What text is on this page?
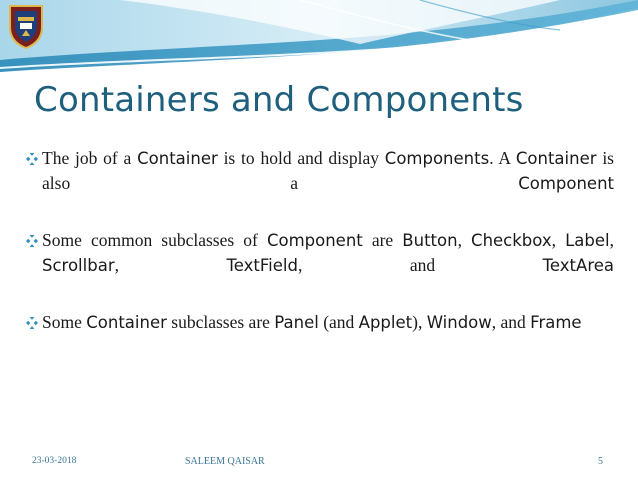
Containers and Components
The job of a Container is to hold and display Components. A Container is also a Component
Some common subclasses of Component are Button, Checkbox, Label, Scrollbar, TextField, and TextArea
Some Container subclasses are Panel (and Applet), Window, and Frame
23-03-2018	SALEEM QAISAR	5
